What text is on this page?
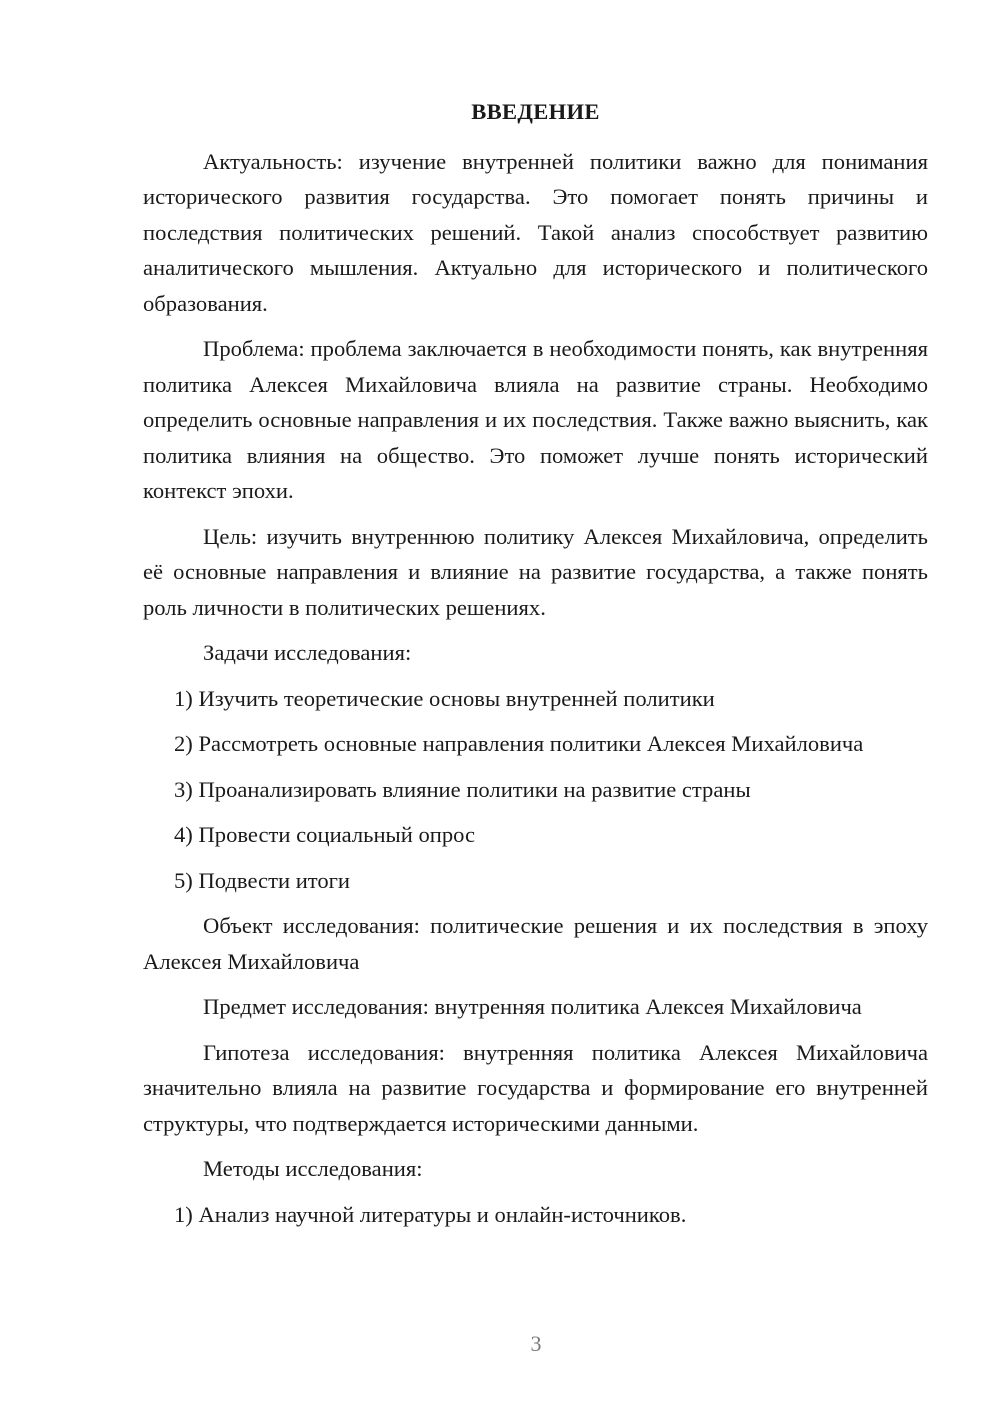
ВВЕДЕНИЕ
Актуальность: изучение внутренней политики важно для понимания исторического развития государства. Это помогает понять причины и последствия политических решений. Такой анализ способствует развитию аналитического мышления. Актуально для исторического и политического образования.
Проблема: проблема заключается в необходимости понять, как внутренняя политика Алексея Михайловича влияла на развитие страны. Необходимо определить основные направления и их последствия. Также важно выяснить, как политика влияния на общество. Это поможет лучше понять исторический контекст эпохи.
Цель: изучить внутреннюю политику Алексея Михайловича, определить её основные направления и влияние на развитие государства, а также понять роль личности в политических решениях.
Задачи исследования:
1) Изучить теоретические основы внутренней политики
2) Рассмотреть основные направления политики Алексея Михайловича
3) Проанализировать влияние политики на развитие страны
4) Провести социальный опрос
5) Подвести итоги
Объект исследования: политические решения и их последствия в эпоху Алексея Михайловича
Предмет исследования: внутренняя политика Алексея Михайловича
Гипотеза исследования: внутренняя политика Алексея Михайловича значительно влияла на развитие государства и формирование его внутренней структуры, что подтверждается историческими данными.
Методы исследования:
1) Анализ научной литературы и онлайн-источников.
3
